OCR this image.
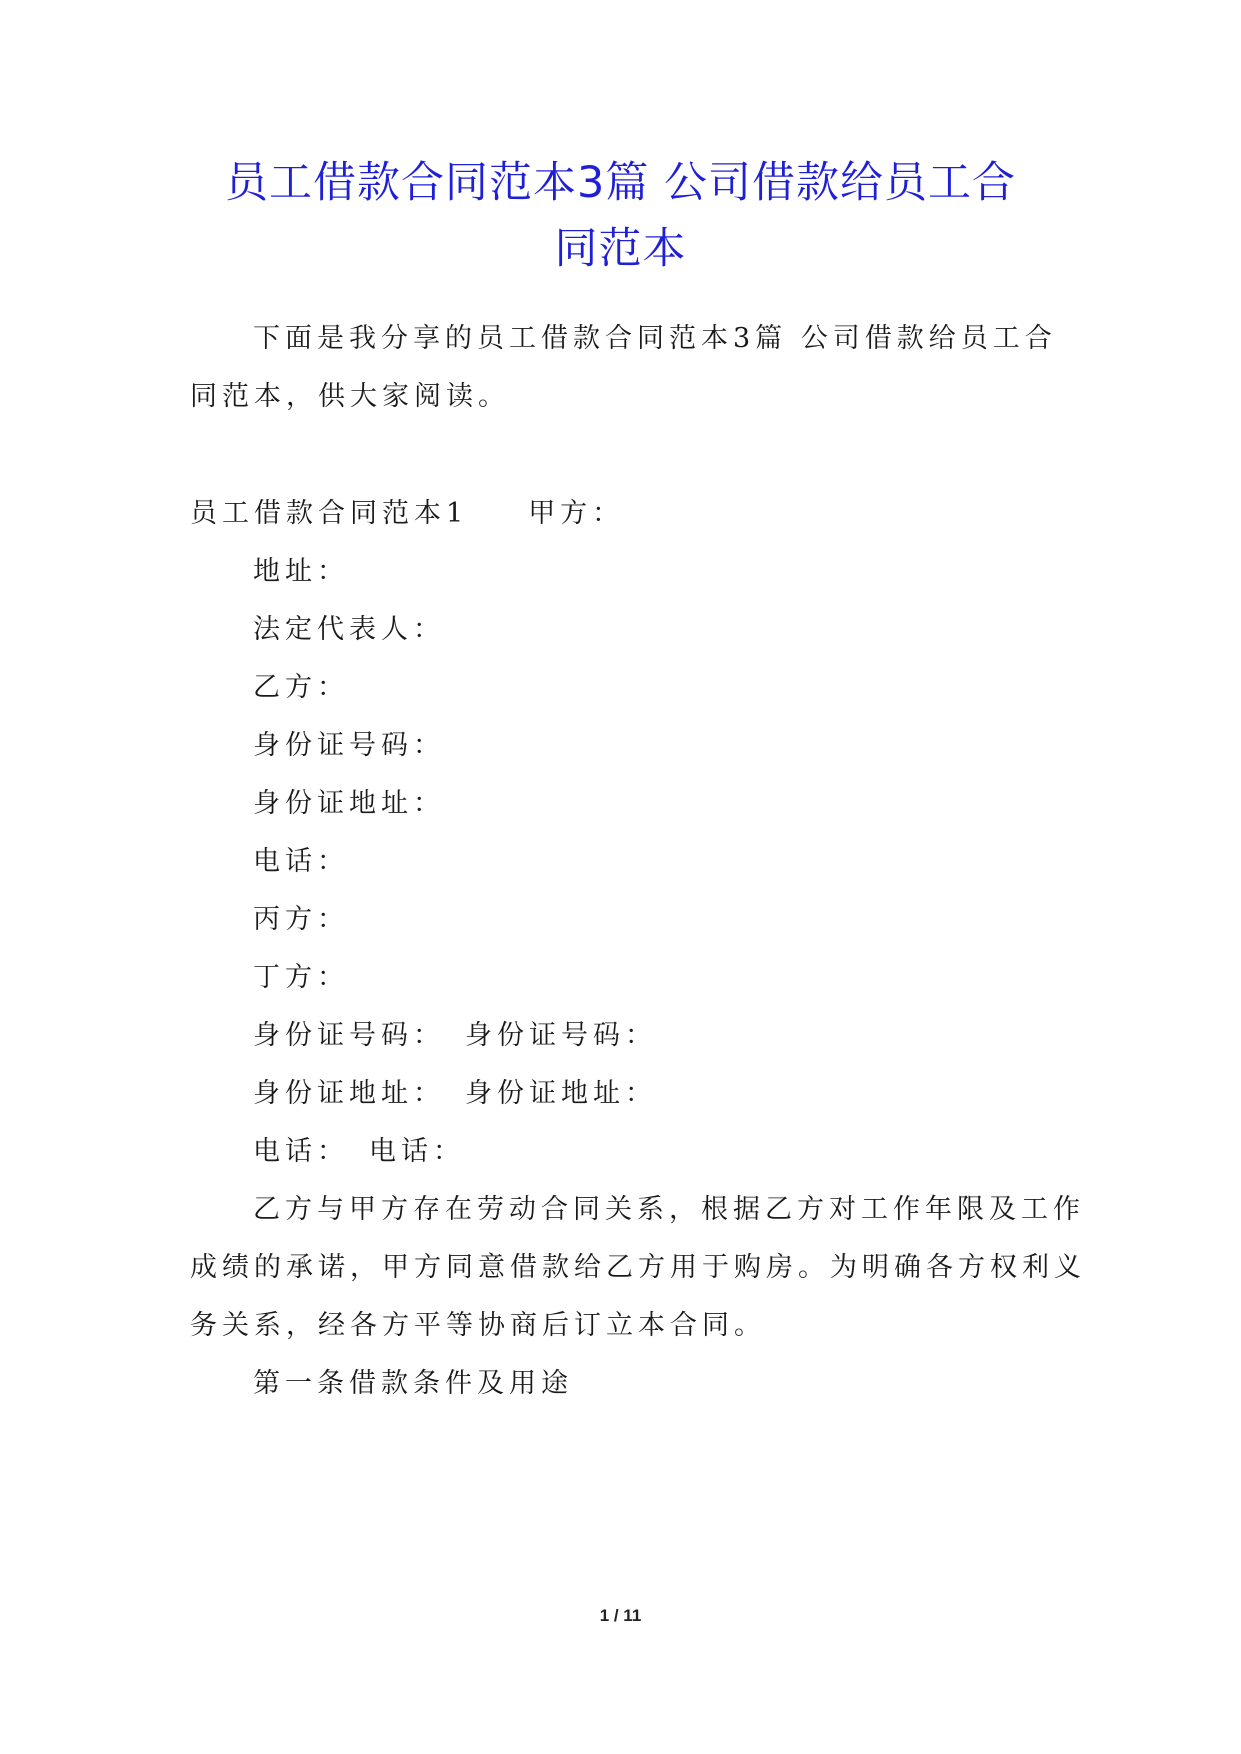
员工借款合同范本3篇 公司借款给员工合
同范本

下面是我分享的员工借款合同范本3篇 公司借款给员工合

同范本，供大家阅读。

员工借款合同范本1 甲方：

地址：

法定代表人：

乙方：

身份证号码：

身份证地址：

电话：

丙方：

丁方：

身份证号码： 身份证号码：

身份证地址： 身份证地址：

电话： 电话：

乙方与甲方存在劳动合同关系，根据乙方对工作年限及工作

成绩的承诺，甲方同意借款给乙方用于购房。为明确各方权利义

务关系，经各方平等协商后订立本合同。

第一条借款条件及用途

1 / 11
